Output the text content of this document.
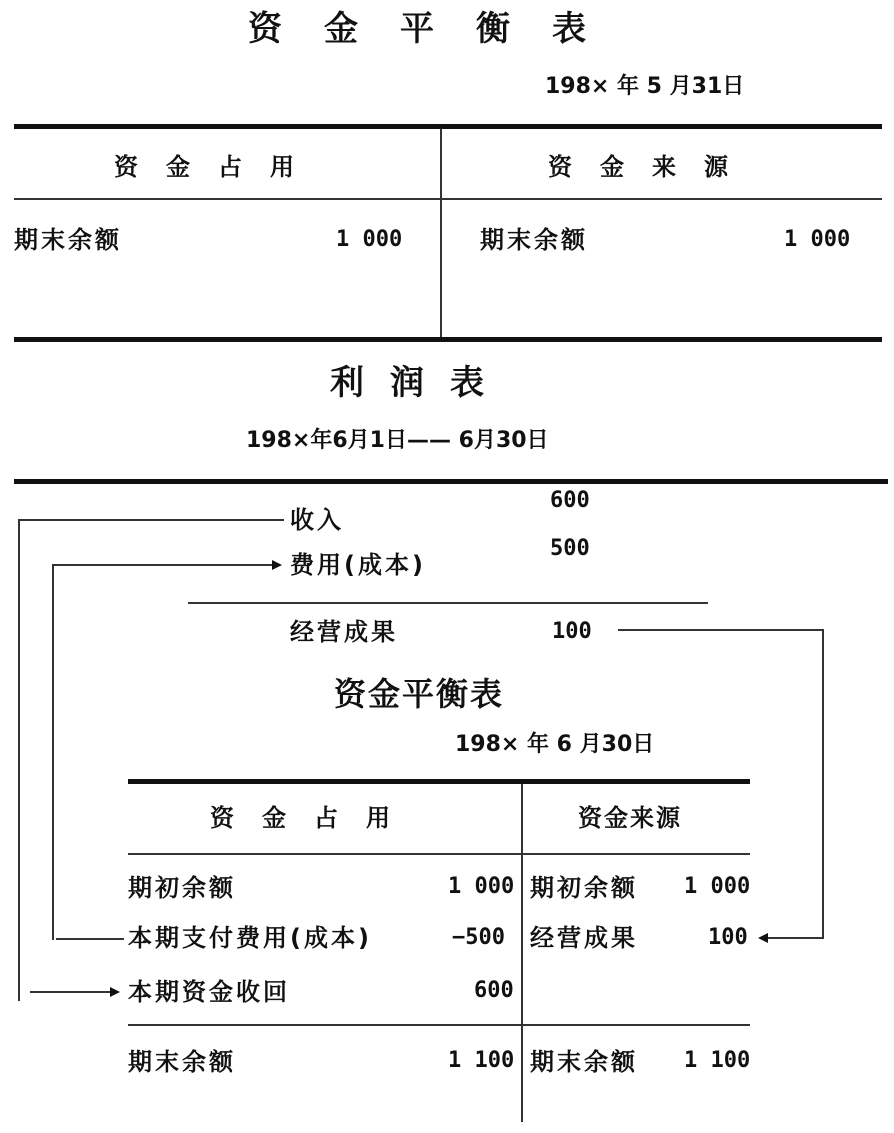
资金平衡表
198× 年 5 月31日
资金占用	资金来源
期末余额	1 000	期末余额	1 000
利润表
198×年6月1日—— 6月30日
收入
600
费用(成本)
500
经营成果	100
资金平衡表
198× 年 6 月30日
资金占用	资金来源
期初余额	1 000 期初余额 1 000
本期支付费用(成本)	−500 经营成果	100
本期资金收回	600
期末余额	1 100 期末余额 1 100
